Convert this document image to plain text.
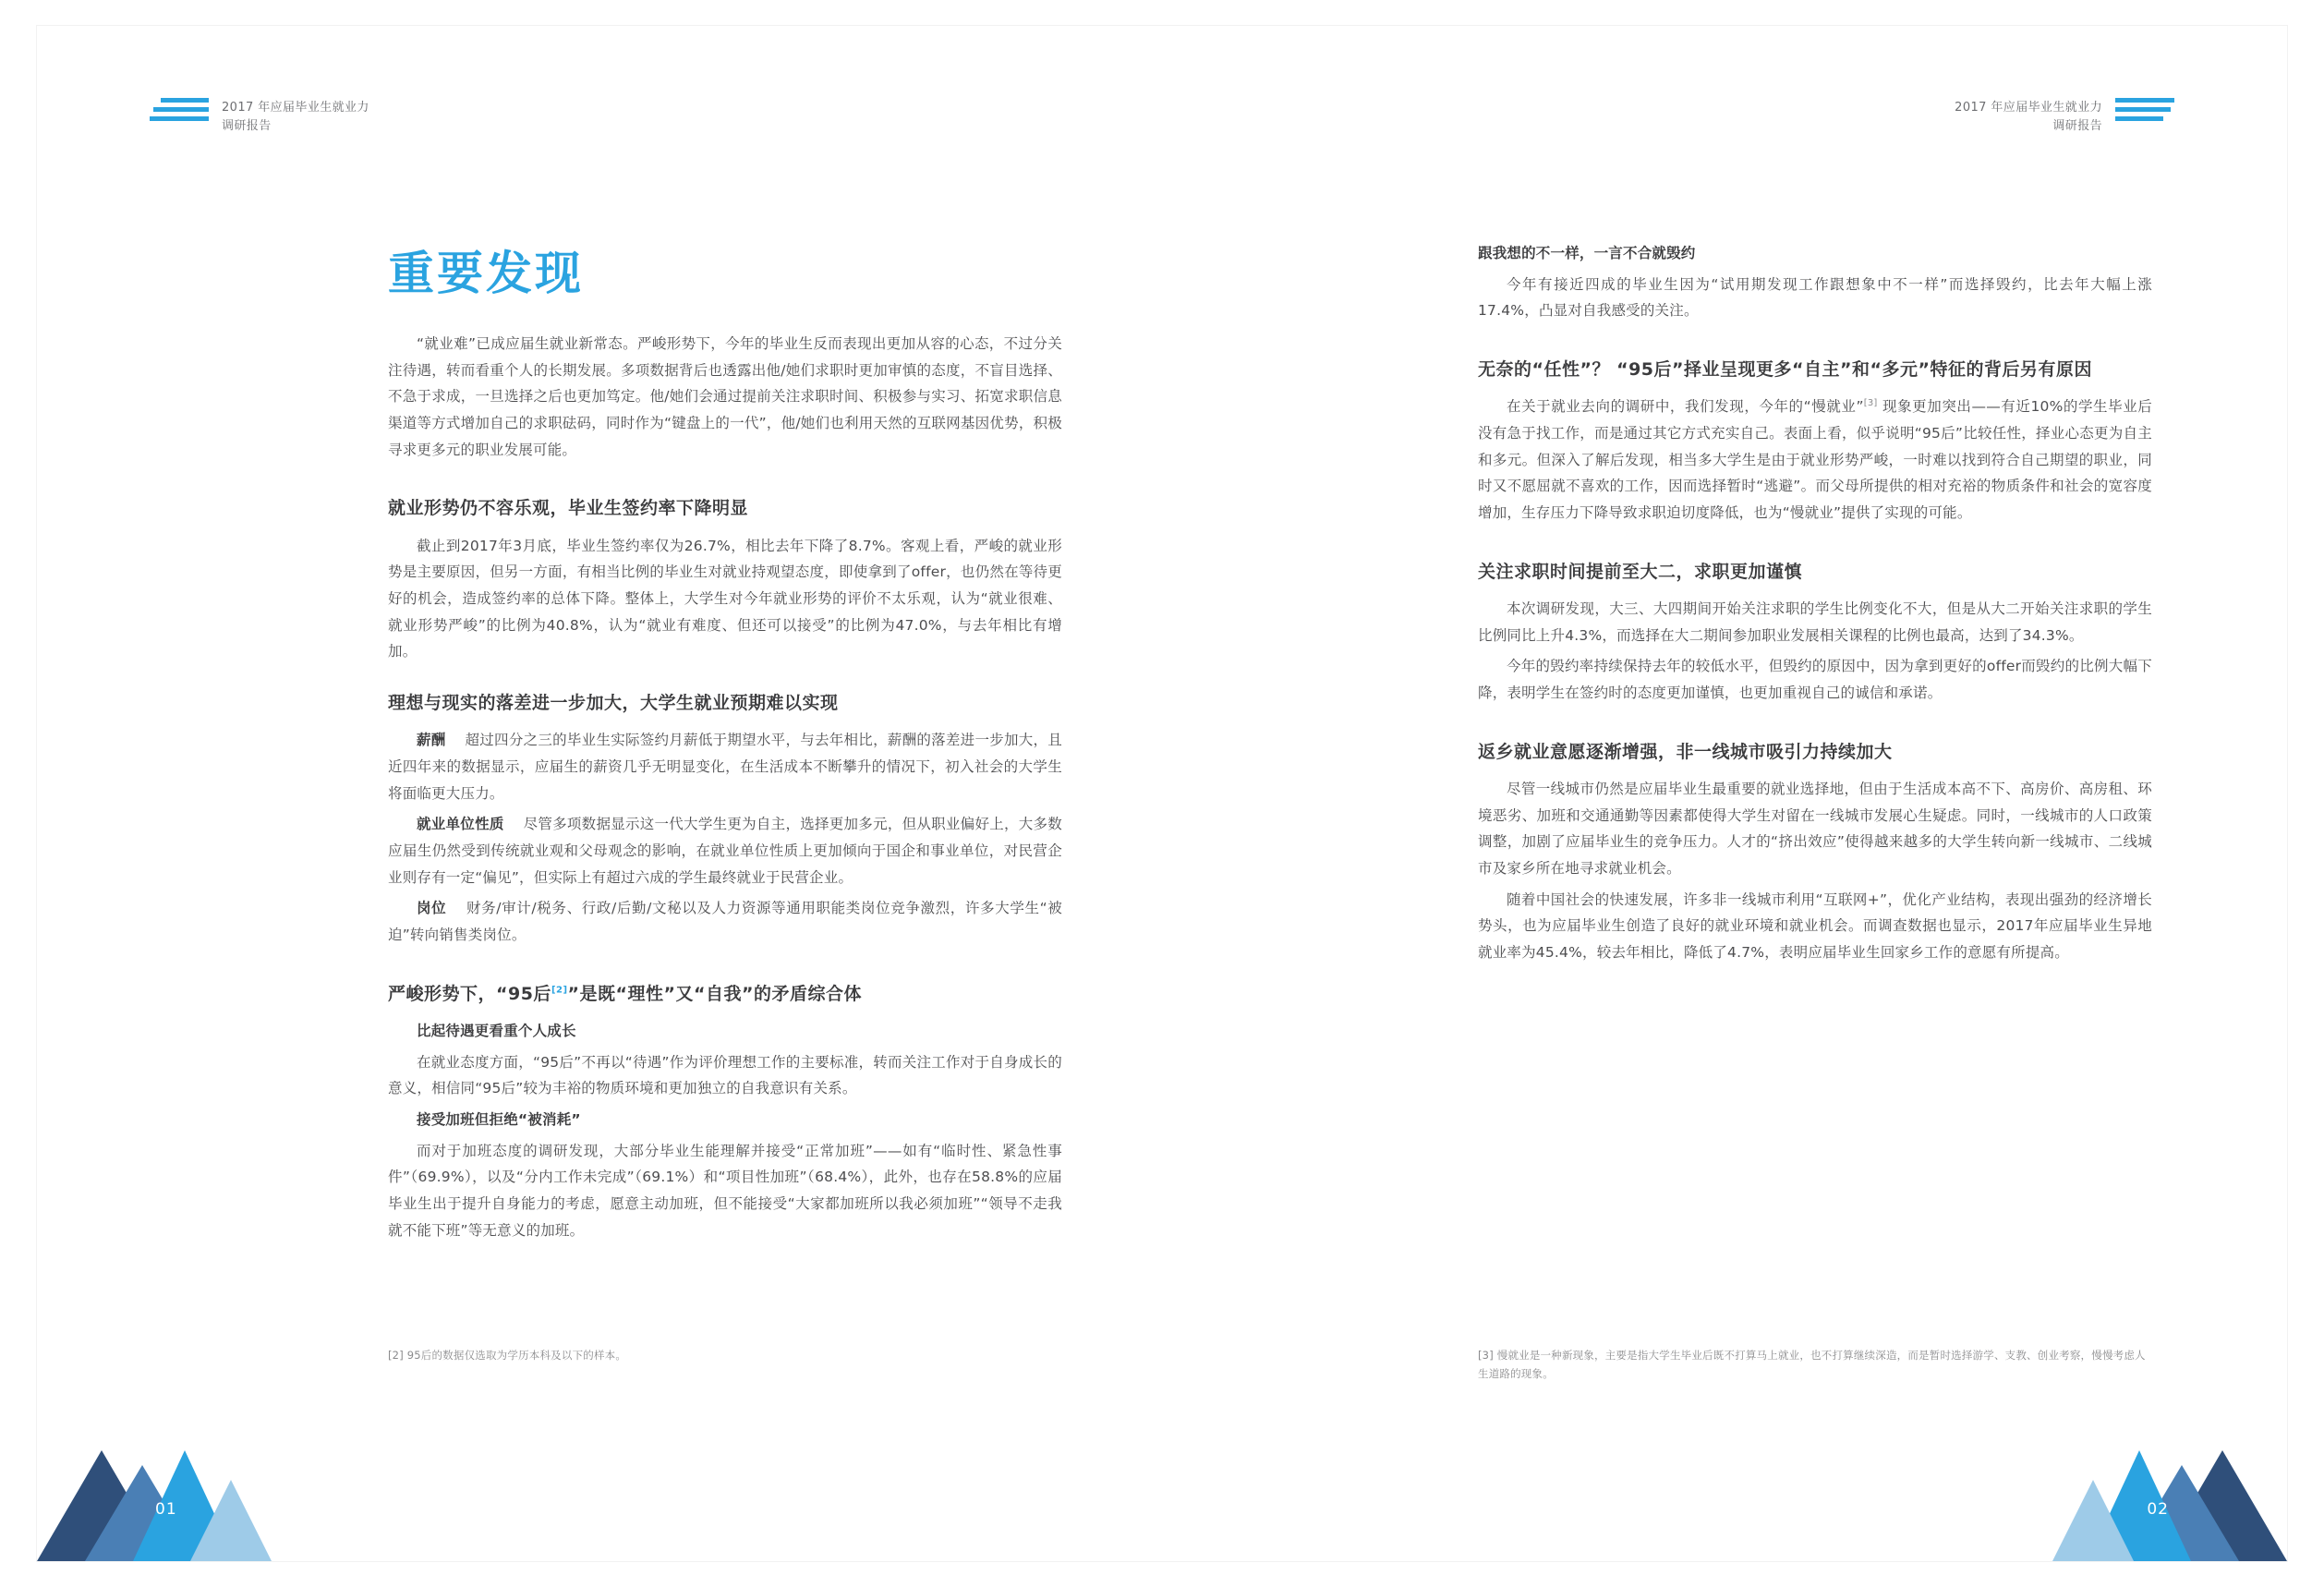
2017 年应届毕业生就业力
调研报告
重要发现

“就业难”已成应届生就业新常态。严峻形势下，今年的毕业生反而表现出更加从容的心态，不过分关注待遇，转而看重个人的长期发展。多项数据背后也透露出他/她们求职时更加审慎的态度，不盲目选择、不急于求成，一旦选择之后也更加笃定。他/她们会通过提前关注求职时间、积极参与实习、拓宽求职信息渠道等方式增加自己的求职砝码，同时作为“键盘上的一代”，他/她们也利用天然的互联网基因优势，积极寻求更多元的职业发展可能。

就业形势仍不容乐观，毕业生签约率下降明显

截止到2017年3月底，毕业生签约率仅为26.7%，相比去年下降了8.7%。客观上看，严峻的就业形势是主要原因，但另一方面，有相当比例的毕业生对就业持观望态度，即使拿到了offer，也仍然在等待更好的机会，造成签约率的总体下降。整体上，大学生对今年就业形势的评价不太乐观，认为“就业很难、就业形势严峻”的比例为40.8%，认为“就业有难度、但还可以接受”的比例为47.0%，与去年相比有增加。

理想与现实的落差进一步加大，大学生就业预期难以实现

薪酬 　 超过四分之三的毕业生实际签约月薪低于期望水平，与去年相比，薪酬的落差进一步加大，且近四年来的数据显示，应届生的薪资几乎无明显变化，在生活成本不断攀升的情况下，初入社会的大学生将面临更大压力。

就业单位性质 　 尽管多项数据显示这一代大学生更为自主，选择更加多元，但从职业偏好上，大多数应届生仍然受到传统就业观和父母观念的影响，在就业单位性质上更加倾向于国企和事业单位，对民营企业则存有一定“偏见”，但实际上有超过六成的学生最终就业于民营企业。

岗位 　 财务/审计/税务、行政/后勤/文秘以及人力资源等通用职能类岗位竞争激烈，许多大学生“被迫”转向销售类岗位。

严峻形势下，“95后[2]”是既“理性”又“自我”的矛盾综合体

比起待遇更看重个人成长

在就业态度方面，“95后”不再以“待遇”作为评价理想工作的主要标准，转而关注工作对于自身成长的意义，相信同“95后”较为丰裕的物质环境和更加独立的自我意识有关系。

接受加班但拒绝“被消耗”

而对于加班态度的调研发现，大部分毕业生能理解并接受“正常加班”——如有“临时性、紧急性事件”（69.9%），以及“分内工作未完成”（69.1%）和“项目性加班”（68.4%），此外，也存在58.8%的应届毕业生出于提升自身能力的考虑，愿意主动加班，但不能接受“大家都加班所以我必须加班”“领导不走我就不能下班”等无意义的加班。

[2] 95后的数据仅选取为学历本科及以下的样本。
01
2017 年应届毕业生就业力
调研报告

跟我想的不一样，一言不合就毁约

今年有接近四成的毕业生因为“试用期发现工作跟想象中不一样”而选择毁约，比去年大幅上涨17.4%，凸显对自我感受的关注。

无奈的“任性”？ “95后”择业呈现更多“自主”和“多元”特征的背后另有原因

在关于就业去向的调研中，我们发现，今年的“慢就业”[3] 现象更加突出——有近10%的学生毕业后没有急于找工作，而是通过其它方式充实自己。表面上看，似乎说明“95后”比较任性，择业心态更为自主和多元。但深入了解后发现，相当多大学生是由于就业形势严峻，一时难以找到符合自己期望的职业，同时又不愿屈就不喜欢的工作，因而选择暂时“逃避”。而父母所提供的相对充裕的物质条件和社会的宽容度增加，生存压力下降导致求职迫切度降低，也为“慢就业”提供了实现的可能。

关注求职时间提前至大二，求职更加谨慎

本次调研发现，大三、大四期间开始关注求职的学生比例变化不大，但是从大二开始关注求职的学生比例同比上升4.3%，而选择在大二期间参加职业发展相关课程的比例也最高，达到了34.3%。

今年的毁约率持续保持去年的较低水平，但毁约的原因中，因为拿到更好的offer而毁约的比例大幅下降，表明学生在签约时的态度更加谨慎，也更加重视自己的诚信和承诺。

返乡就业意愿逐渐增强，非一线城市吸引力持续加大

尽管一线城市仍然是应届毕业生最重要的就业选择地，但由于生活成本高不下、高房价、高房租、环境恶劣、加班和交通通勤等因素都使得大学生对留在一线城市发展心生疑虑。同时，一线城市的人口政策调整，加剧了应届毕业生的竞争压力。人才的“挤出效应”使得越来越多的大学生转向新一线城市、二线城市及家乡所在地寻求就业机会。

随着中国社会的快速发展，许多非一线城市利用“互联网+”，优化产业结构，表现出强劲的经济增长势头，也为应届毕业生创造了良好的就业环境和就业机会。而调查数据也显示，2017年应届毕业生异地就业率为45.4%，较去年相比，降低了4.7%，表明应届毕业生回家乡工作的意愿有所提高。

[3] 慢就业是一种新现象，主要是指大学生毕业后既不打算马上就业，也不打算继续深造，而是暂时选择游学、支教、创业考察，慢慢考虑人生道路的现象。
02
